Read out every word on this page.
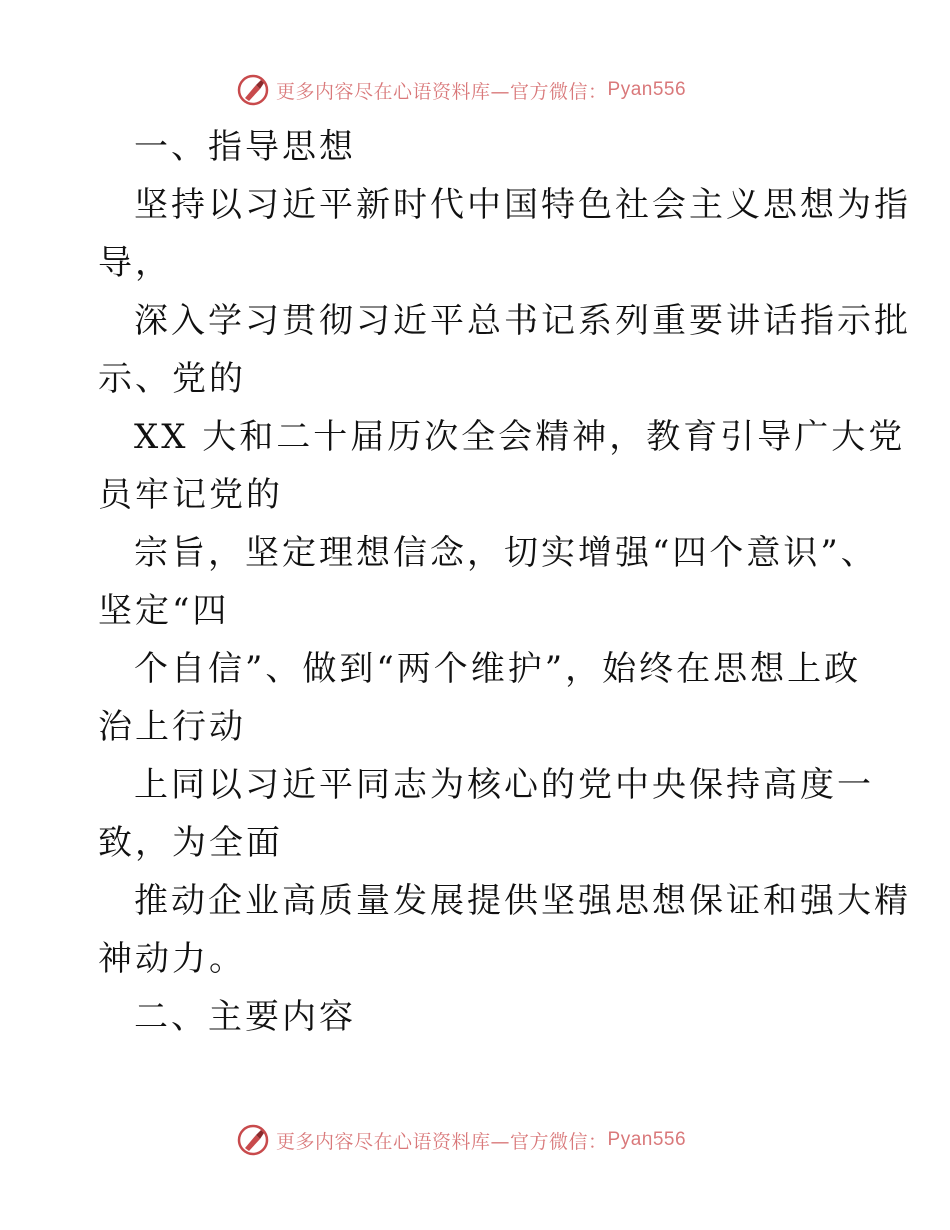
更多内容尽在心语资料库—官方微信： Pyan556
一、指导思想
坚持以习近平新时代中国特色社会主义思想为指
导，
深入学习贯彻习近平总书记系列重要讲话指示批
示、党的
XX 大和二十届历次全会精神，教育引导广大党
员牢记党的
宗旨，坚定理想信念，切实增强“四个意识”、
坚定“四
个自信”、做到“两个维护”，始终在思想上政
治上行动
上同以习近平同志为核心的党中央保持高度一
致，为全面
推动企业高质量发展提供坚强思想保证和强大精
神动力。
二、主要内容
更多内容尽在心语资料库—官方微信： Pyan556
